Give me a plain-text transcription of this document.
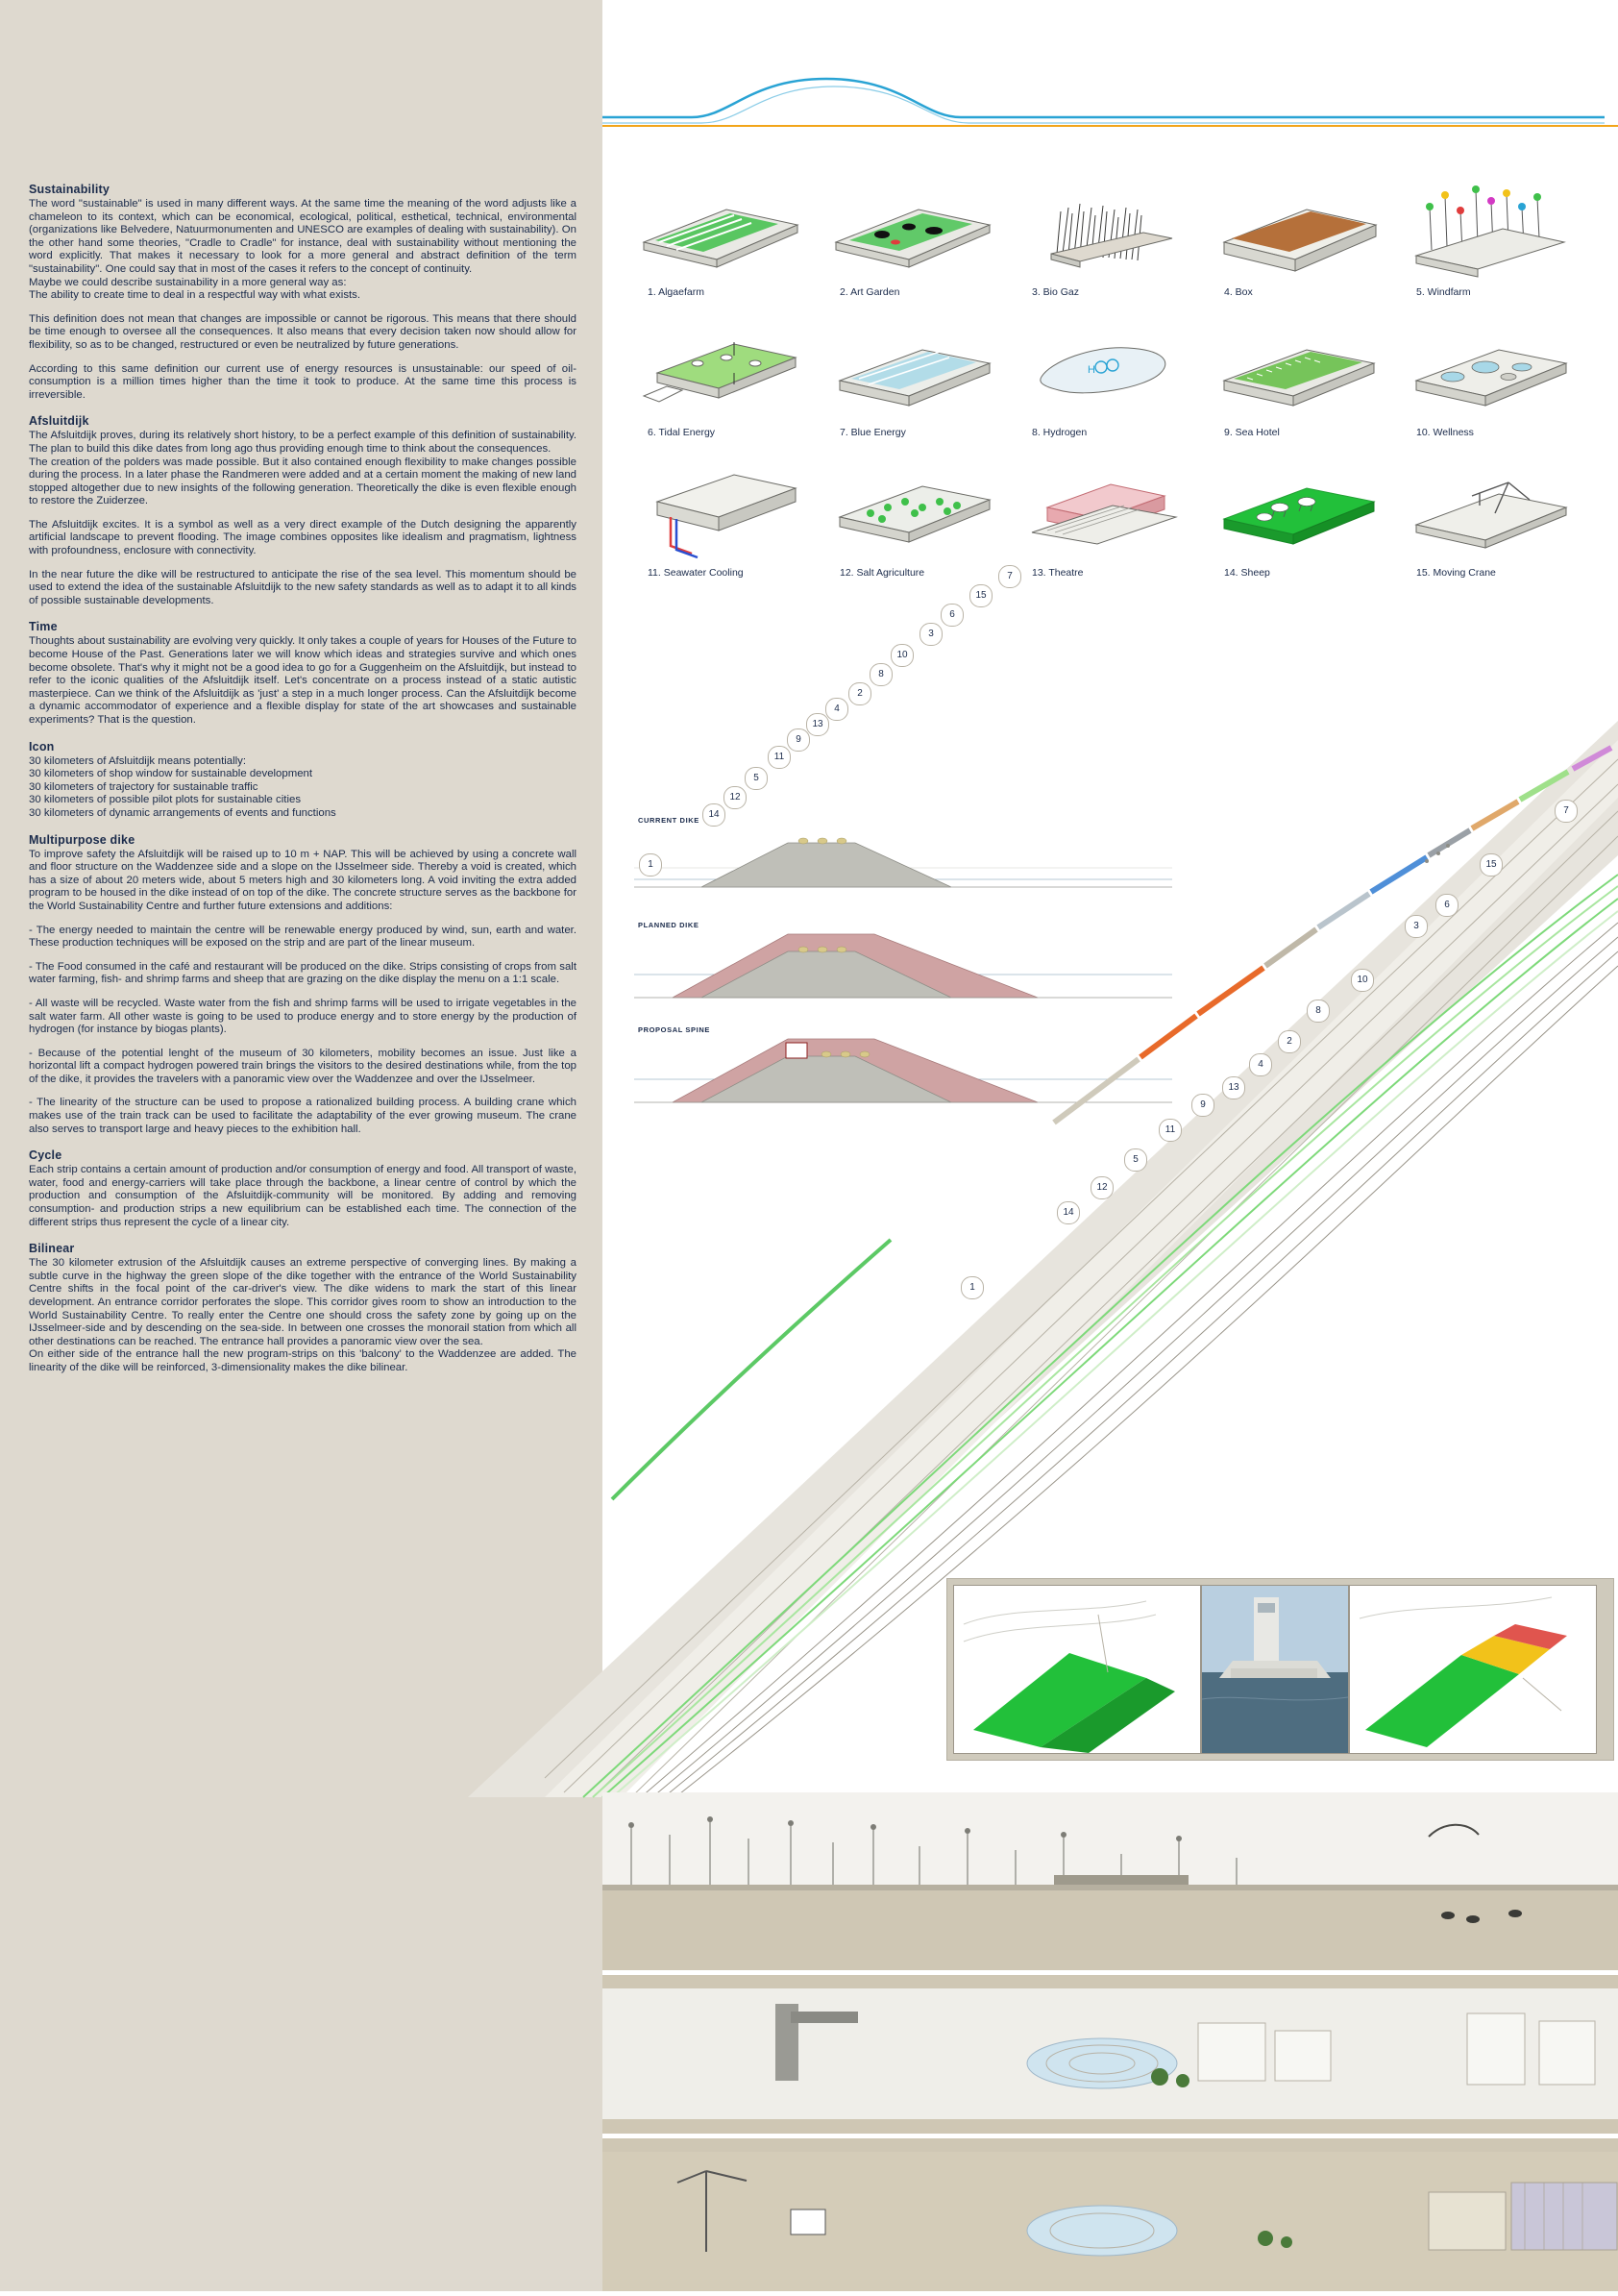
Sustainability

The word "sustainable" is used in many different ways. At the same time the meaning of the word adjusts like a chameleon to its context, which can be economical, ecological, political, esthetical, technical, environmental (organizations like Belvedere, Natuurmonumenten and UNESCO are examples of dealing with sustainability). On the other hand some theories, "Cradle to Cradle" for instance, deal with sustainability without mentioning the word explicitly. That makes it necessary to look for a more general and abstract definition of the term "sustainability". One could say that in most of the cases it refers to the concept of continuity.

Maybe we could describe sustainability in a more general way as:

The ability to create time to deal in a respectful way with what exists.

This definition does not mean that changes are impossible or cannot be rigorous. This means that there should be time enough to oversee all the consequences. It also means that every decision taken now should allow for flexibility, so as to be changed, restructured or even be neutralized by future generations.

According to this same definition our current use of energy resources is unsustainable: our speed of oil-consumption is a million times higher than the time it took to produce. At the same time this process is irreversible.

Afsluitdijk

The Afsluitdijk proves, during its relatively short history, to be a perfect example of this definition of sustainability. The plan to build this dike dates from long ago thus providing enough time to think about the consequences.

The creation of the polders was made possible. But it also contained enough flexibility to make changes possible during the process. In a later phase the Randmeren were added and at a certain moment the making of new land stopped altogether due to new insights of the following generation. Theoretically the dike is even flexible enough to restore the Zuiderzee.

The Afsluitdijk excites. It is a symbol as well as a very direct example of the Dutch designing the apparently artificial landscape to prevent flooding. The image combines opposites like idealism and pragmatism, lightness with profoundness, enclosure with connectivity.

In the near future the dike will be restructured to anticipate the rise of the sea level. This momentum should be used to extend the idea of the sustainable Afsluitdijk to the new safety standards as well as to adapt it to all kinds of possible sustainable developments.

Time

Thoughts about sustainability are evolving very quickly. It only takes a couple of years for Houses of the Future to become House of the Past. Generations later we will know which ideas and strategies survive and which ones become obsolete. That's why it might not be a good idea to go for a Guggenheim on the Afsluitdijk, but instead to refer to the iconic qualities of the Afsluitdijk itself. Let's concentrate on a process instead of a static autistic masterpiece. Can we think of the Afsluitdijk as 'just' a step in a much longer process. Can the Afsluitdijk become a dynamic accommodator of experience and a flexible display for state of the art showcases and sustainable experiments? That is the question.

Icon
30 kilometers of Afsluitdijk means potentially:
30 kilometers of shop window for sustainable development
30 kilometers of trajectory for sustainable traffic
30 kilometers of possible pilot plots for sustainable cities
30 kilometers of dynamic arrangements of events and functions
Multipurpose dike

To improve safety the Afsluitdijk will be raised up to 10 m + NAP. This will be achieved by using a concrete wall and floor structure on the Waddenzee side and a slope on the IJsselmeer side. Thereby a void is created, which has a size of about 20 meters wide, about 5 meters high and 30 kilometers long. A void inviting the extra added program to be housed in the dike instead of on top of the dike. The concrete structure serves as the backbone for the World Sustainability Centre and further future extensions and additions:

- The energy needed to maintain the centre will be renewable energy produced by wind, sun, earth and water. These production techniques will be exposed on the strip and are part of the linear museum.

- The Food consumed in the café and restaurant will be produced on the dike. Strips consisting of crops from salt water farming, fish- and shrimp farms and sheep that are grazing on the dike display the menu on a 1:1 scale.

- All waste will be recycled. Waste water from the fish and shrimp farms will be used to irrigate vegetables in the salt water farm. All other waste is going to be used to produce energy and to store energy by the production of hydrogen (for instance by biogas plants).

- Because of the potential lenght of the museum of 30 kilometers, mobility becomes an issue. Just like a horizontal lift a compact hydrogen powered train brings the visitors to the desired destinations while, from the top of the dike, it provides the travelers with a panoramic view over the Waddenzee and over the IJsselmeer.

- The linearity of the structure can be used to propose a rationalized building process. A building crane which makes use of the train track can be used to facilitate the adaptability of the ever growing museum. The crane also serves to transport large and heavy pieces to the exhibition hall.

Cycle

Each strip contains a certain amount of production and/or consumption of energy and food. All transport of waste, water, food and energy-carriers will take place through the backbone, a linear centre of control by which the production and consumption of the Afsluitdijk-community will be monitored. By adding and removing consumption- and production strips a new equilibrium can be established each time. The connection of the different strips thus represent the cycle of a linear city.

Bilinear

The 30 kilometer extrusion of the Afsluitdijk causes an extreme perspective of converging lines. By making a subtle curve in the highway the green slope of the dike together with the entrance of the World Sustainability Centre shifts in the focal point of the car-driver's view. The dike widens to mark the start of this linear development. An entrance corridor perforates the slope. This corridor gives room to show an introduction to the World Sustainability Centre. To really enter the Centre one should cross the safety zone by going up on the IJsselmeer-side and by descending on the sea-side. In between one crosses the monorail station from which all other destinations can be reached. The entrance hall provides a panoramic view over the sea.

On either side of the entrance hall the new program-strips on this 'balcony' to the Waddenzee are added. The linearity of the dike will be reinforced, 3-dimensionality makes the dike bilinear.

1. Algaefarm	2. Art Garden	3. Bio Gaz	4. Box	5. Windfarm
6. Tidal Energy	7. Blue Energy
H
8. Hydrogen	9. Sea Hotel	10. Wellness
11. Seawater Cooling	12. Salt Agriculture	13. Theatre	14. Sheep	15. Moving Crane
CURRENT DIKE
PLANNED DIKE
PROPOSAL SPINE
1
14
12
5
11
9
13
4
2
8
10
3
6
15
7
1
14
12
5
11
9
13
4
2
8
10
3
6
15
7
